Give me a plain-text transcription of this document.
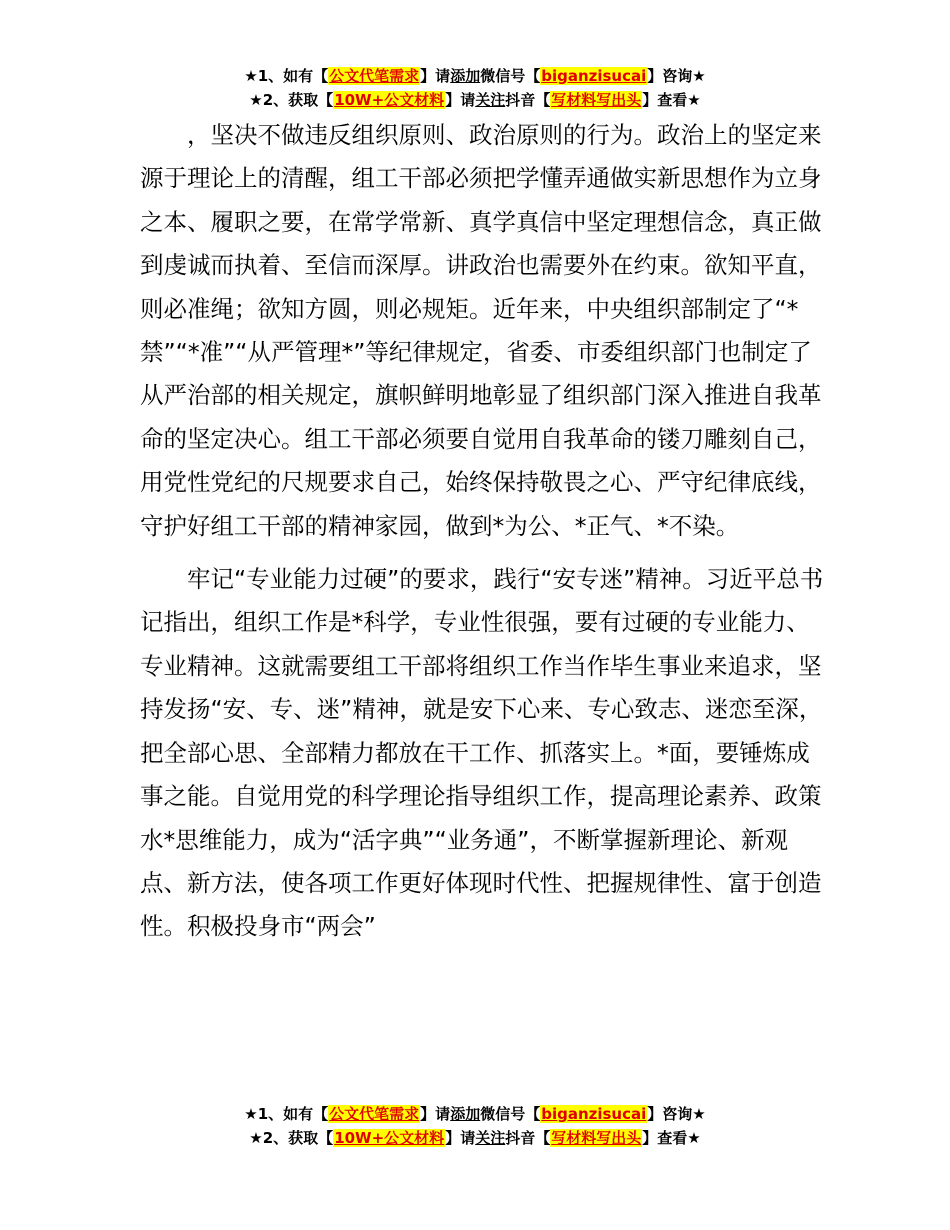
★1、如有【公文代笔需求】请添加微信号【biganzisucai】咨询★
★2、获取【10W+公文材料】请关注抖音【写材料写出头】查看★

，坚决不做违反组织原则、政治原则的行为。政治上的坚定来源于理论上的清醒，组工干部必须把学懂弄通做实新思想作为立身之本、履职之要，在常学常新、真学真信中坚定理想信念，真正做到虔诚而执着、至信而深厚。讲政治也需要外在约束。欲知平直，则必准绳；欲知方圆，则必规矩。近年来，中央组织部制定了“*禁”“*准”“从严管理*”等纪律规定，省委、市委组织部门也制定了从严治部的相关规定，旗帜鲜明地彰显了组织部门深入推进自我革命的坚定决心。组工干部必须要自觉用自我革命的镂刀雕刻自己，用党性党纪的尺规要求自己，始终保持敬畏之心、严守纪律底线，守护好组工干部的精神家园，做到*为公、*正气、*不染。

牢记“专业能力过硬”的要求，践行“安专迷”精神。习近平总书记指出，组织工作是*科学，专业性很强，要有过硬的专业能力、专业精神。这就需要组工干部将组织工作当作毕生事业来追求，坚持发扬“安、专、迷”精神，就是安下心来、专心致志、迷恋至深，把全部心思、全部精力都放在干工作、抓落实上。*面，要锤炼成事之能。自觉用党的科学理论指导组织工作，提高理论素养、政策水*思维能力，成为“活字典”“业务通”，不断掌握新理论、新观点、新方法，使各项工作更好体现时代性、把握规律性、富于创造性。积极投身市“两会”

★1、如有【公文代笔需求】请添加微信号【biganzisucai】咨询★
★2、获取【10W+公文材料】请关注抖音【写材料写出头】查看★
